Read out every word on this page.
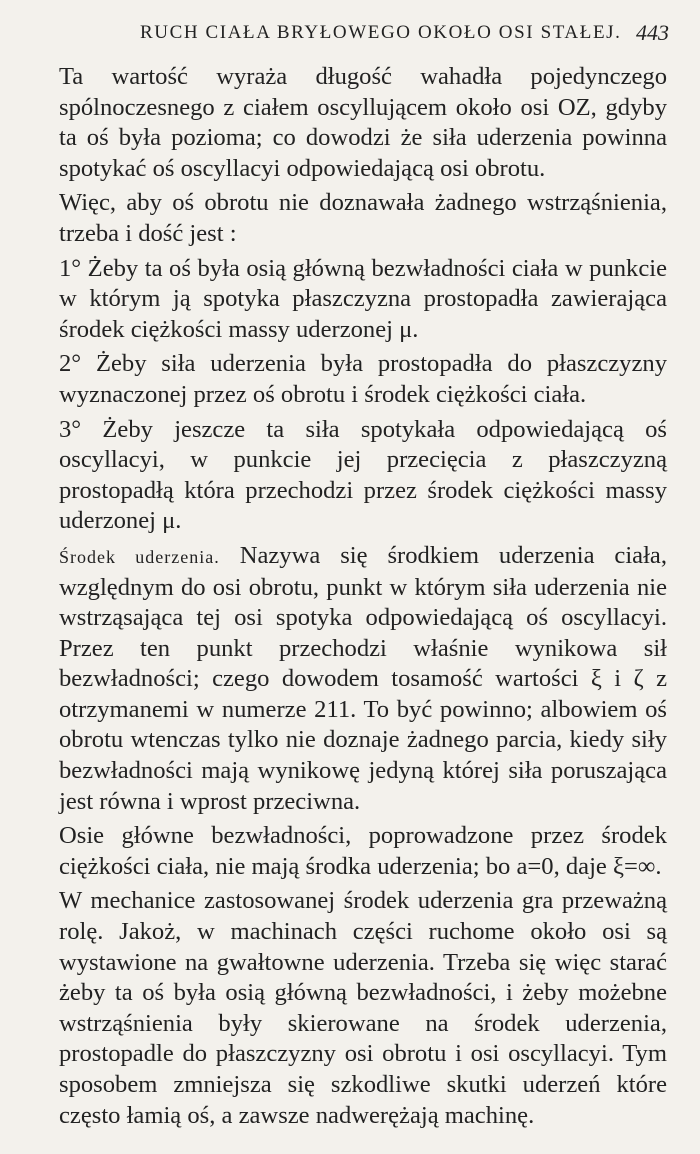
RUCH CIAŁA BRYŁOWEGO OKOŁO OSI STAŁEJ. 443

Ta wartość wyraża długość wahadła pojedynczego spólnoczesnego z ciałem oscyllującem około osi OZ, gdyby ta oś była pozioma; co dowodzi że siła uderzenia powinna spotykać oś oscyllacyi odpowiedającą osi obrotu.

Więc, aby oś obrotu nie doznawała żadnego wstrząśnienia, trzeba i dość jest :

1° Żeby ta oś była osią główną bezwładności ciała w punkcie w którym ją spotyka płaszczyzna prostopadła zawierająca środek ciężkości massy uderzonej μ.

2° Żeby siła uderzenia była prostopadła do płaszczyzny wyznaczonej przez oś obrotu i środek ciężkości ciała.

3° Żeby jeszcze ta siła spotykała odpowiedającą oś oscyllacyi, w punkcie jej przecięcia z płaszczyzną prostopadłą która przechodzi przez środek ciężkości massy uderzonej μ.

Środek uderzenia. Nazywa się środkiem uderzenia ciała, względnym do osi obrotu, punkt w którym siła uderzenia nie wstrząsająca tej osi spotyka odpowiedającą oś oscyllacyi. Przez ten punkt przechodzi właśnie wynikowa sił bezwładności; czego dowodem tosamość wartości ξ i ζ z otrzymanemi w numerze 211. To być powinno; albowiem oś obrotu wtenczas tylko nie doznaje żadnego parcia, kiedy siły bezwładności mają wynikowę jedyną której siła poruszająca jest równa i wprost przeciwna.

Osie główne bezwładności, poprowadzone przez środek ciężkości ciała, nie mają środka uderzenia; bo a=0, daje ξ=∞.

W mechanice zastosowanej środek uderzenia gra przeważną rolę. Jakoż, w machinach części ruchome około osi są wystawione na gwałtowne uderzenia. Trzeba się więc starać żeby ta oś była osią główną bezwładności, i żeby możebne wstrząśnienia były skierowane na środek uderzenia, prostopadle do płaszczyzny osi obrotu i osi oscyllacyi. Tym sposobem zmniejsza się szkodliwe skutki uderzeń które często łamią oś, a zawsze nadwerężają machinę.
